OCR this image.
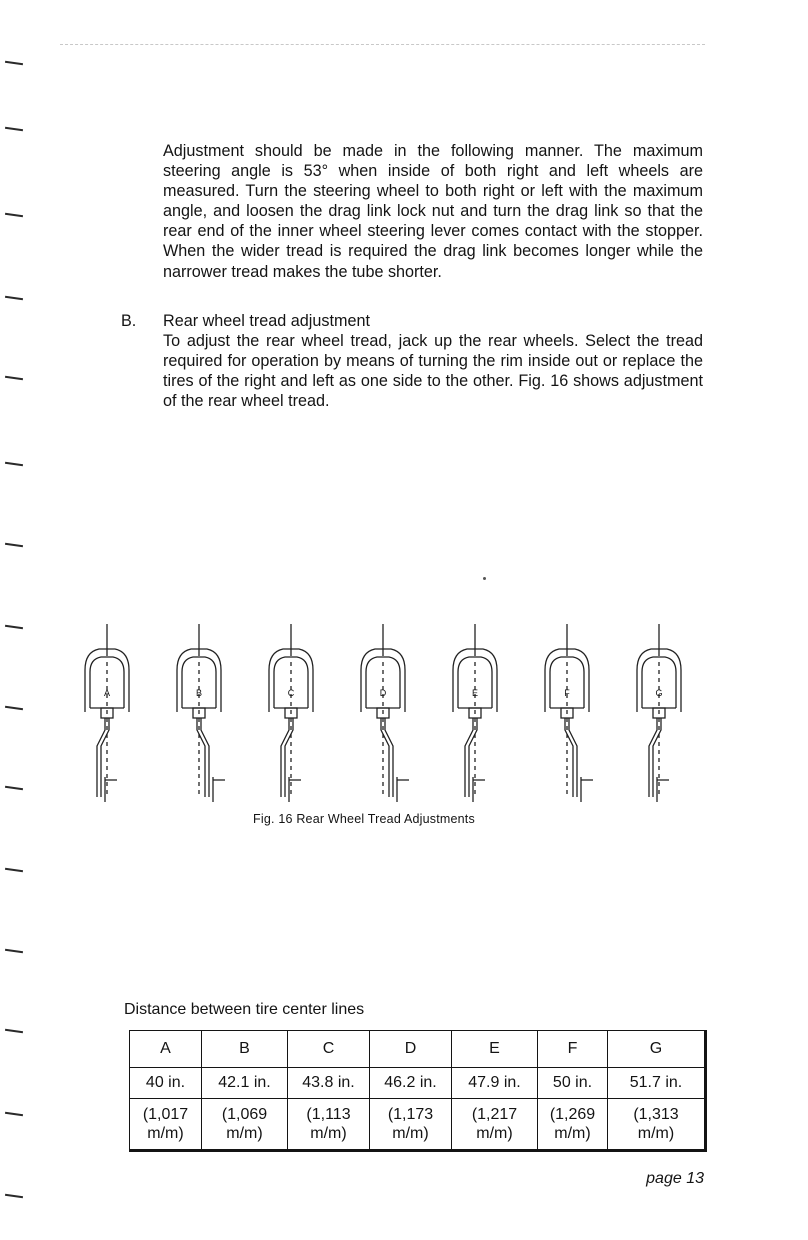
Adjustment should be made in the following manner. The maximum steering angle is 53° when inside of both right and left wheels are measured. Turn the steering wheel to both right or left with the maximum angle, and loosen the drag link lock nut and turn the drag link so that the rear end of the inner wheel steering lever comes contact with the stopper. When the wider tread is required the drag link becomes longer while the narrower tread makes the tube shorter.

B. Rear wheel tread adjustment
To adjust the rear wheel tread, jack up the rear wheels. Select the tread required for operation by means of turning the rim inside out or replace the tires of the right and left as one side to the other. Fig. 16 shows adjustment of the rear wheel tread.
A	B	C	D	E	F	G
Fig. 16 Rear Wheel Tread Adjustments
Distance between tire center lines
A	B	C	D	E	F	G
40 in.	42.1 in.	43.8 in.	46.2 in.	47.9 in.	50 in.	51.7 in.
(1,017
m/m)	(1,069
m/m)	(1,113
m/m)	(1,173
m/m)	(1,217
m/m)	(1,269
m/m)	(1,313
m/m)
page 13
